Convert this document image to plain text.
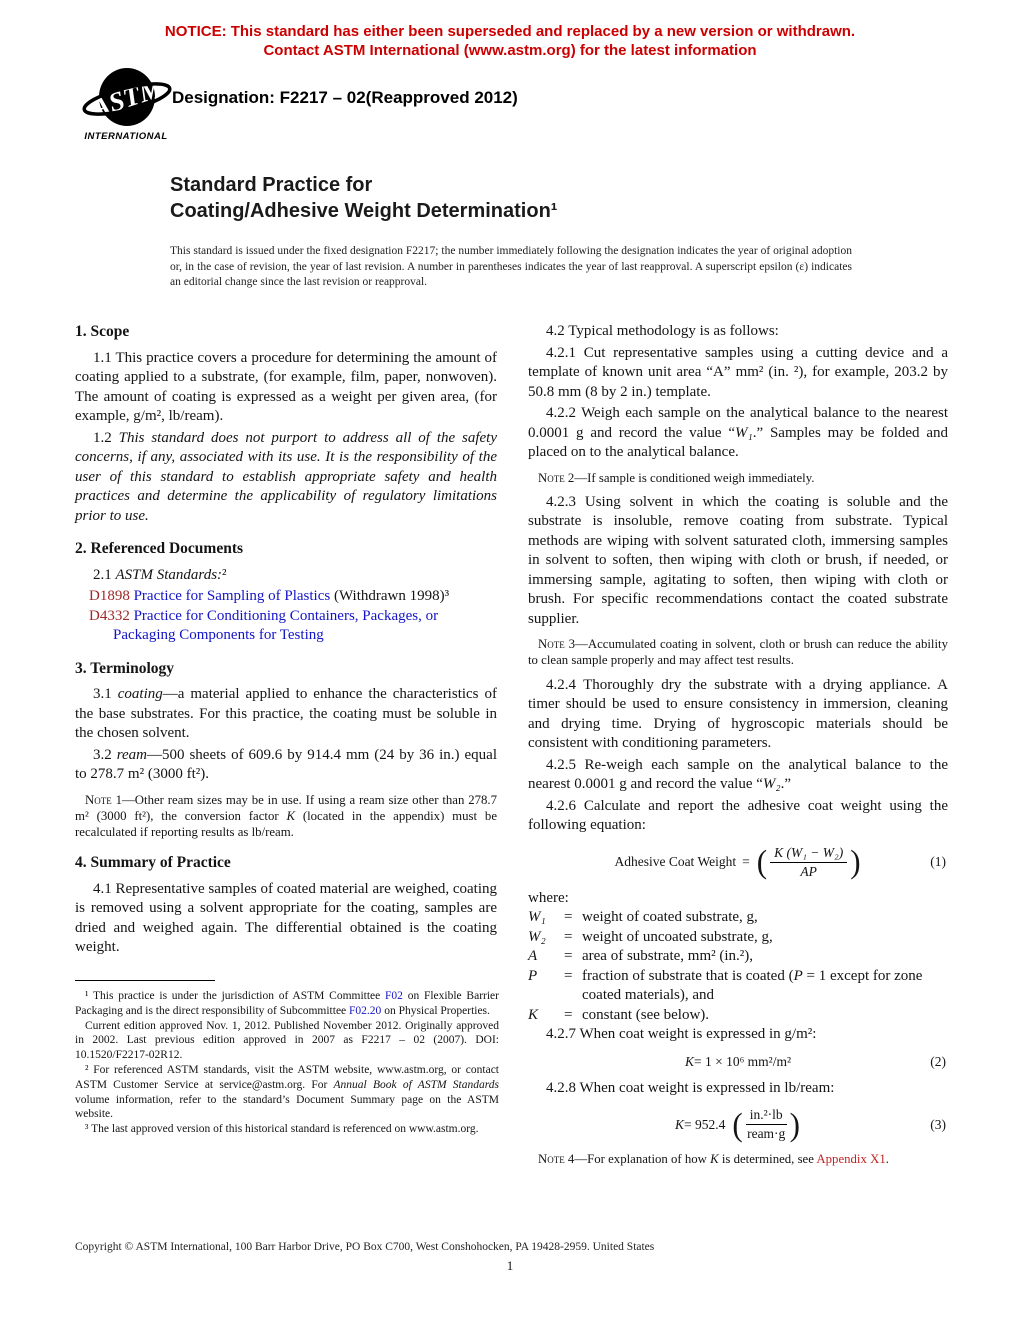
NOTICE: This standard has either been superseded and replaced by a new version or withdrawn.
Contact ASTM International (www.astm.org) for the latest information
ASTM
INTERNATIONAL
Designation: F2217 – 02(Reapproved 2012)
Standard Practice for
Coating/Adhesive Weight Determination¹
This standard is issued under the fixed designation F2217; the number immediately following the designation indicates the year of original adoption or, in the case of revision, the year of last revision. A number in parentheses indicates the year of last reapproval. A superscript epsilon (ε) indicates an editorial change since the last revision or reapproval.
1. Scope

1.1 This practice covers a procedure for determining the amount of coating applied to a substrate, (for example, film, paper, nonwoven). The amount of coating is expressed as a weight per given area, (for example, g/m², lb/ream).

1.2 This standard does not purport to address all of the safety concerns, if any, associated with its use. It is the responsibility of the user of this standard to establish appropriate safety and health practices and determine the applicability of regulatory limitations prior to use.

2. Referenced Documents

2.1 ASTM Standards:²

D1898 Practice for Sampling of Plastics (Withdrawn 1998)³
D4332 Practice for Conditioning Containers, Packages, or Packaging Components for Testing
3. Terminology

3.1 coating—a material applied to enhance the characteristics of the base substrates. For this practice, the coating must be soluble in the chosen solvent.

3.2 ream—500 sheets of 609.6 by 914.4 mm (24 by 36 in.) equal to 278.7 m² (3000 ft²).

Note 1—Other ream sizes may be in use. If using a ream size other than 278.7 m² (3000 ft²), the conversion factor K (located in the appendix) must be recalculated if reporting results as lb/ream.

4. Summary of Practice

4.1 Representative samples of coated material are weighed, coating is removed using a solvent appropriate for the coating, samples are dried and weighed again. The differential obtained is the coating weight.

4.2 Typical methodology is as follows:

4.2.1 Cut representative samples using a cutting device and a template of known unit area “A” mm² (in. ²), for example, 203.2 by 50.8 mm (8 by 2 in.) template.

4.2.2 Weigh each sample on the analytical balance to the nearest 0.0001 g and record the value “W₁.” Samples may be folded and placed on to the analytical balance.

Note 2—If sample is conditioned weigh immediately.

4.2.3 Using solvent in which the coating is soluble and the substrate is insoluble, remove coating from substrate. Typical methods are wiping with solvent saturated cloth, immersing samples in solvent to soften, then wiping with cloth or brush, if needed, or immersing sample, agitating to soften, then wiping with cloth or brush. For specific recommendations contact the coated substrate supplier.

Note 3—Accumulated coating in solvent, cloth or brush can reduce the ability to clean sample properly and may affect test results.

4.2.4 Thoroughly dry the substrate with a drying appliance. A timer should be used to ensure consistency in immersion, cleaning and drying time. Drying of hygroscopic materials should be consistent with conditioning parameters.

4.2.5 Re-weigh each sample on the analytical balance to the nearest 0.0001 g and record the value “W₂.”

4.2.6 Calculate and report the adhesive coat weight using the following equation:

Adhesive Coat Weight = ( $\frac{\text{K (W₁ − W₂)}}{AP}$ )	(1)
where:
W₁	= weight of coated substrate, g,
W₂	= weight of uncoated substrate, g,
A	= area of substrate, mm² (in.²),
P	= fraction of substrate that is coated (P = 1 except for zone coated materials), and
K	= constant (see below).

4.2.7 When coat weight is expressed in g/m²:

K = 1 × 10⁶ mm²/m²	(2)

4.2.8 When coat weight is expressed in lb/ream:

K = 952.4 ( $\frac{\text{in.²·lb}}{\text{ream·g}}$ )	(3)

Note 4—For explanation of how K is determined, see Appendix X1.

¹ This practice is under the jurisdiction of ASTM Committee F02 on Flexible Barrier Packaging and is the direct responsibility of Subcommittee F02.20 on Physical Properties.

Current edition approved Nov. 1, 2012. Published November 2012. Originally approved in 2002. Last previous edition approved in 2007 as F2217 – 02 (2007). DOI: 10.1520/F2217-02R12.

² For referenced ASTM standards, visit the ASTM website, www.astm.org, or contact ASTM Customer Service at service@astm.org. For Annual Book of ASTM Standards volume information, refer to the standard’s Document Summary page on the ASTM website.

³ The last approved version of this historical standard is referenced on www.astm.org.

Copyright © ASTM International, 100 Barr Harbor Drive, PO Box C700, West Conshohocken, PA 19428-2959. United States
1
